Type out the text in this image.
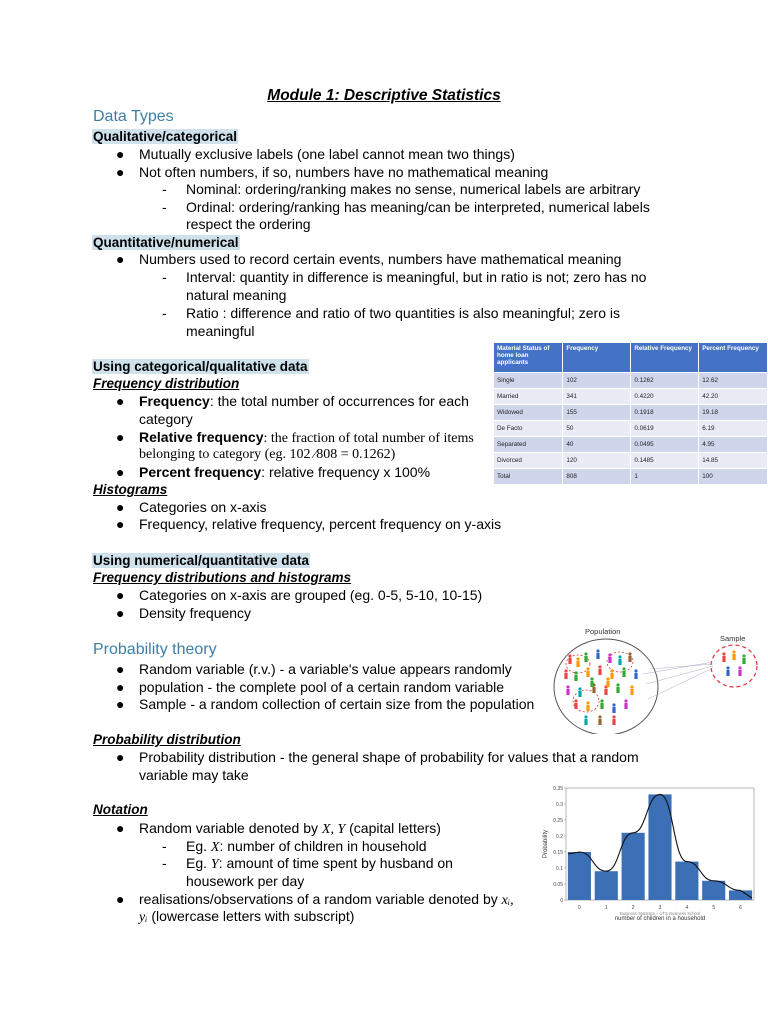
Module 1: Descriptive Statistics
Data Types
Qualitative/categorical
● Mutually exclusive labels (one label cannot mean two things)
● Not often numbers, if so, numbers have no mathematical meaning
- Nominal: ordering/ranking makes no sense, numerical labels are arbitrary
- Ordinal: ordering/ranking has meaning/can be interpreted, numerical labels
respect the ordering
Quantitative/numerical
● Numbers used to record certain events, numbers have mathematical meaning
- Interval: quantity in difference is meaningful, but in ratio is not; zero has no
natural meaning
- Ratio : difference and ratio of two quantities is also meaningful; zero is
meaningful
Using categorical/qualitative data
Frequency distribution
● Frequency: the total number of occurrences for each
category
● Relative frequency: the fraction of total number of items
belonging to category (eg. 102 ⁄808 = 0.1262)
● Percent frequency: relative frequency x 100%
Histograms
● Categories on x-axis
● Frequency, relative frequency, percent frequency on y-axis
Material Status of home loan applicants	Frequency	Relative Frequency	Percent Frequency
Single	102	0.1262	12.62
Married	341	0.4220	42.20
Widowed	155	0.1918	19.18
De Facto	50	0.0619	6.19
Separated	40	0.0495	4.95
Divorced	120	0.1485	14.85
Total	808	1	100
Using numerical/quantitative data
Frequency distributions and histograms
● Categories on x-axis are grouped (eg. 0-5, 5-10, 10-15)
● Density frequency
Probability theory
● Random variable (r.v.) - a variable's value appears randomly
● population - the complete pool of a certain random variable
● Sample - a random collection of certain size from the population
Population
Sample
Probability distribution
● Probability distribution - the general shape of probability for values that a random
variable may take
Notation
● Random variable denoted by X, Y (capital letters)
- Eg. X: number of children in household
- Eg. Y: amount of time spent by husband on
housework per day
● realisations/observations of a random variable denoted by xᵢ,
yᵢ (lowercase letters with subscript)
0
0.05
0.1
0.15
0.2
0.25
0.3
0.35
0	1	2	3	4	5	6
Business Statistics – UTS Business School
number of children in a household
Probability
